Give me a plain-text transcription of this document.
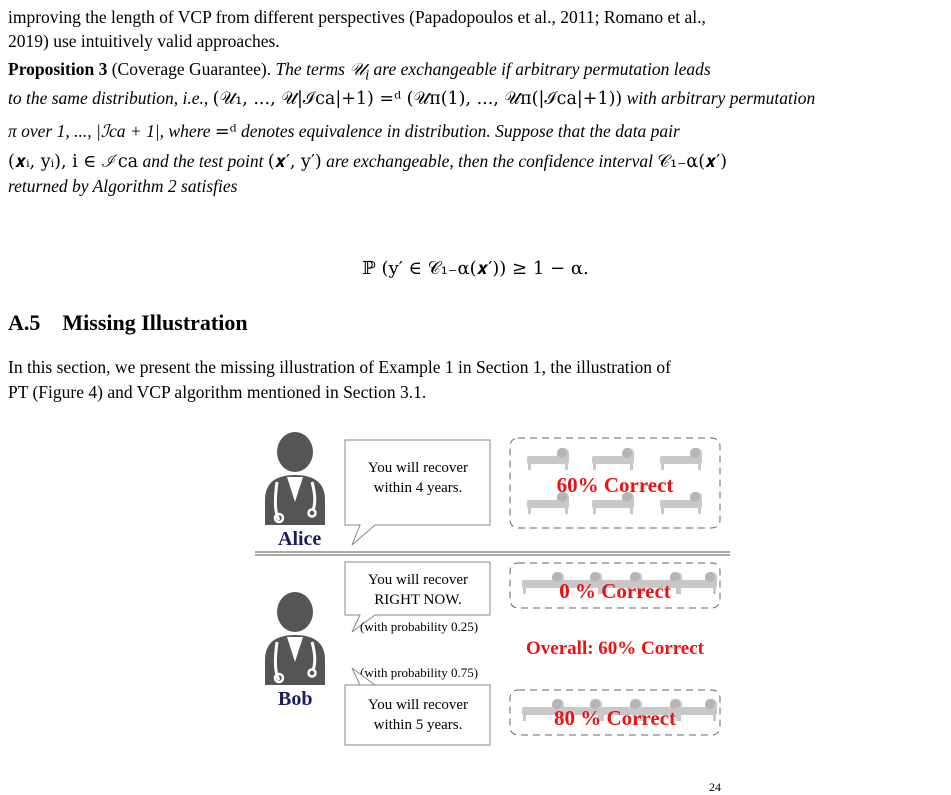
improving the length of VCP from different perspectives (Papadopoulos et al., 2011; Romano et al.,

2019) use intuitively valid approaches.

Proposition 3 (Coverage Guarantee). The terms 𝒰$_i$ are exchangeable if arbitrary permutation leads
to the same distribution, i.e., (𝒰₁, ..., 𝒰|ℐca|+1) =ᵈ (𝒰π(1), ..., 𝒰π(|ℐca|+1)) with arbitrary permutation
π over 1, ..., |ℐca + 1|, where =ᵈ denotes equivalence in distribution. Suppose that the data pair
(𝒙ᵢ, yᵢ), i ∈ ℐca and the test point (𝒙′, y′) are exchangeable, then the confidence interval 𝒞₁₋α(𝒙′)
returned by Algorithm 2 satisfies
ℙ (y′ ∈ 𝒞₁₋α(𝒙′)) ≥ 1 − α.
A.5 Missing Illustration

In this section, we present the missing illustration of Example 1 in Section 1, the illustration of

PT (Figure 4) and VCP algorithm mentioned in Section 3.1.

Alice
You will recover
within 4 years.	60% Correct
Bob
You will recover
RIGHT NOW.
(with probability 0.25)
0 % Correct
Overall: 60% Correct
(with probability 0.75)
You will recover
within 5 years.	80 % Correct
24
